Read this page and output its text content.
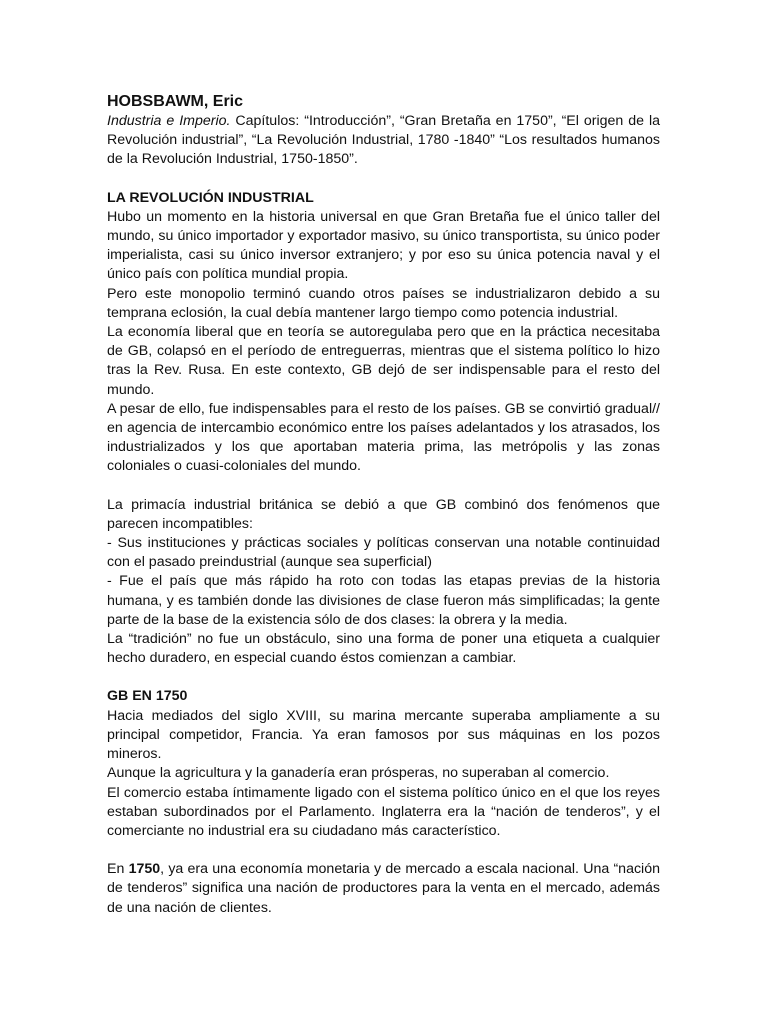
HOBSBAWM, Eric

Industria e Imperio. Capítulos: “Introducción”, “Gran Bretaña en 1750”, “El origen de la Revolución industrial”, “La Revolución Industrial, 1780 -1840” “Los resultados humanos de la Revolución Industrial, 1750-1850”.

LA REVOLUCIÓN INDUSTRIAL

Hubo un momento en la historia universal en que Gran Bretaña fue el único taller del mundo, su único importador y exportador masivo, su único transportista, su único poder imperialista, casi su único inversor extranjero; y por eso su única potencia naval y el único país con política mundial propia.

Pero este monopolio terminó cuando otros países se industrializaron debido a su temprana eclosión, la cual debía mantener largo tiempo como potencia industrial.

La economía liberal que en teoría se autoregulaba pero que en la práctica necesitaba de GB, colapsó en el período de entreguerras, mientras que el sistema político lo hizo tras la Rev. Rusa. En este contexto, GB dejó de ser indispensable para el resto del mundo.

A pesar de ello, fue indispensables para el resto de los países. GB se convirtió gradual// en agencia de intercambio económico entre los países adelantados y los atrasados, los industrializados y los que aportaban materia prima, las metrópolis y las zonas coloniales o cuasi-coloniales del mundo.

La primacía industrial británica se debió a que GB combinó dos fenómenos que parecen incompatibles:

- Sus instituciones y prácticas sociales y políticas conservan una notable continuidad con el pasado preindustrial (aunque sea superficial)

- Fue el país que más rápido ha roto con todas las etapas previas de la historia humana, y es también donde las divisiones de clase fueron más simplificadas; la gente parte de la base de la existencia sólo de dos clases: la obrera y la media.

La “tradición” no fue un obstáculo, sino una forma de poner una etiqueta a cualquier hecho duradero, en especial cuando éstos comienzan a cambiar.

GB EN 1750

Hacia mediados del siglo XVIII, su marina mercante superaba ampliamente a su principal competidor, Francia. Ya eran famosos por sus máquinas en los pozos mineros.

Aunque la agricultura y la ganadería eran prósperas, no superaban al comercio.

El comercio estaba íntimamente ligado con el sistema político único en el que los reyes estaban subordinados por el Parlamento. Inglaterra era la “nación de tenderos”, y el comerciante no industrial era su ciudadano más característico.

En 1750, ya era una economía monetaria y de mercado a escala nacional. Una “nación de tenderos” significa una nación de productores para la venta en el mercado, además de una nación de clientes.
